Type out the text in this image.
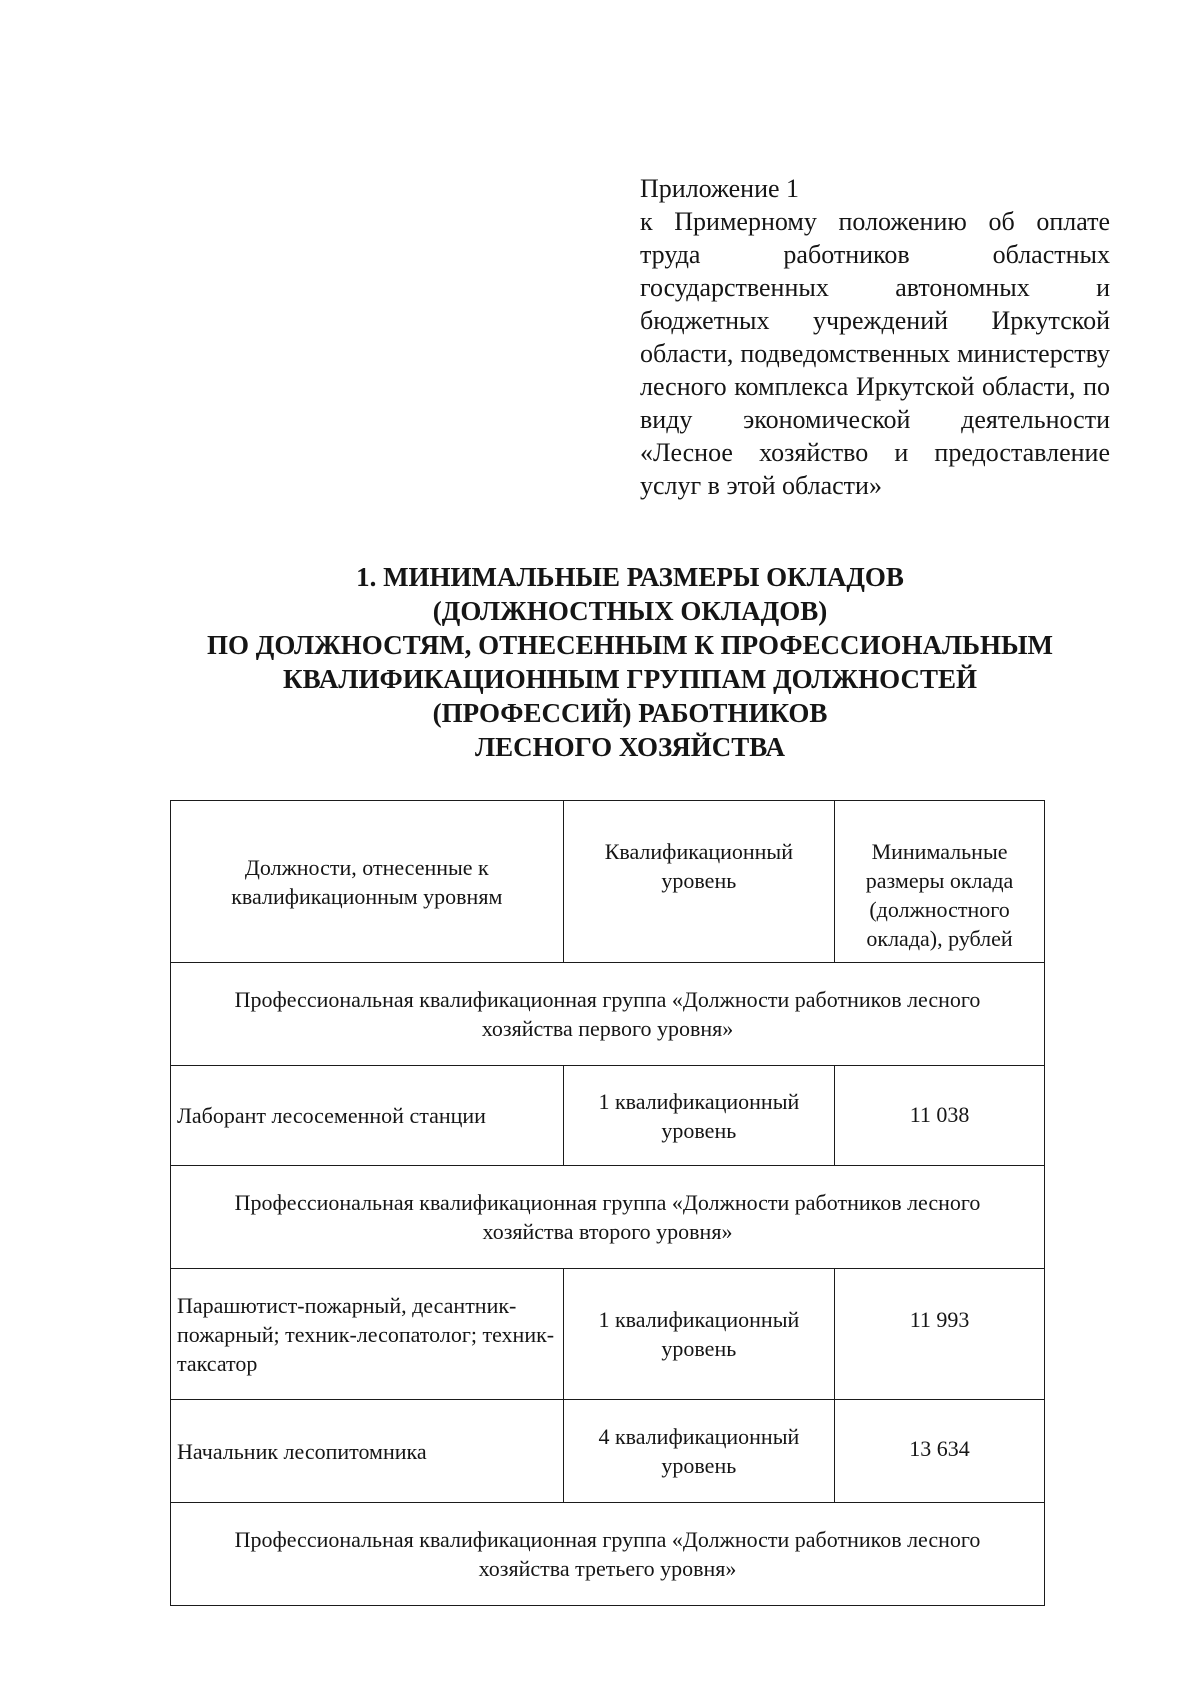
Приложение 1
к Примерному положению об оплате труда работников областных государственных автономных и бюджетных учреждений Иркутской области, подведомственных министерству лесного комплекса Иркутской области, по виду экономической деятельности «Лесное хозяйство и предоставление услуг в этой области»
1. МИНИМАЛЬНЫЕ РАЗМЕРЫ ОКЛАДОВ
(ДОЛЖНОСТНЫХ ОКЛАДОВ)
ПО ДОЛЖНОСТЯМ, ОТНЕСЕННЫМ К ПРОФЕССИОНАЛЬНЫМ
КВАЛИФИКАЦИОННЫМ ГРУППАМ ДОЛЖНОСТЕЙ
(ПРОФЕССИЙ) РАБОТНИКОВ
ЛЕСНОГО ХОЗЯЙСТВА
Должности, отнесенные к квалификационным уровням	Квалификационный уровень	Минимальные размеры оклада (должностного оклада), рублей
Профессиональная квалификационная группа «Должности работников лесного хозяйства первого уровня»		
Лаборант лесосеменной станции	1 квалификационный уровень	11 038
Профессиональная квалификационная группа «Должности работников лесного хозяйства второго уровня»		
Парашютист-пожарный, десантник-пожарный; техник-лесопатолог; техник-таксатор	1 квалификационный уровень	11 993
Начальник лесопитомника	4 квалификационный уровень	13 634
Профессиональная квалификационная группа «Должности работников лесного хозяйства третьего уровня»		
